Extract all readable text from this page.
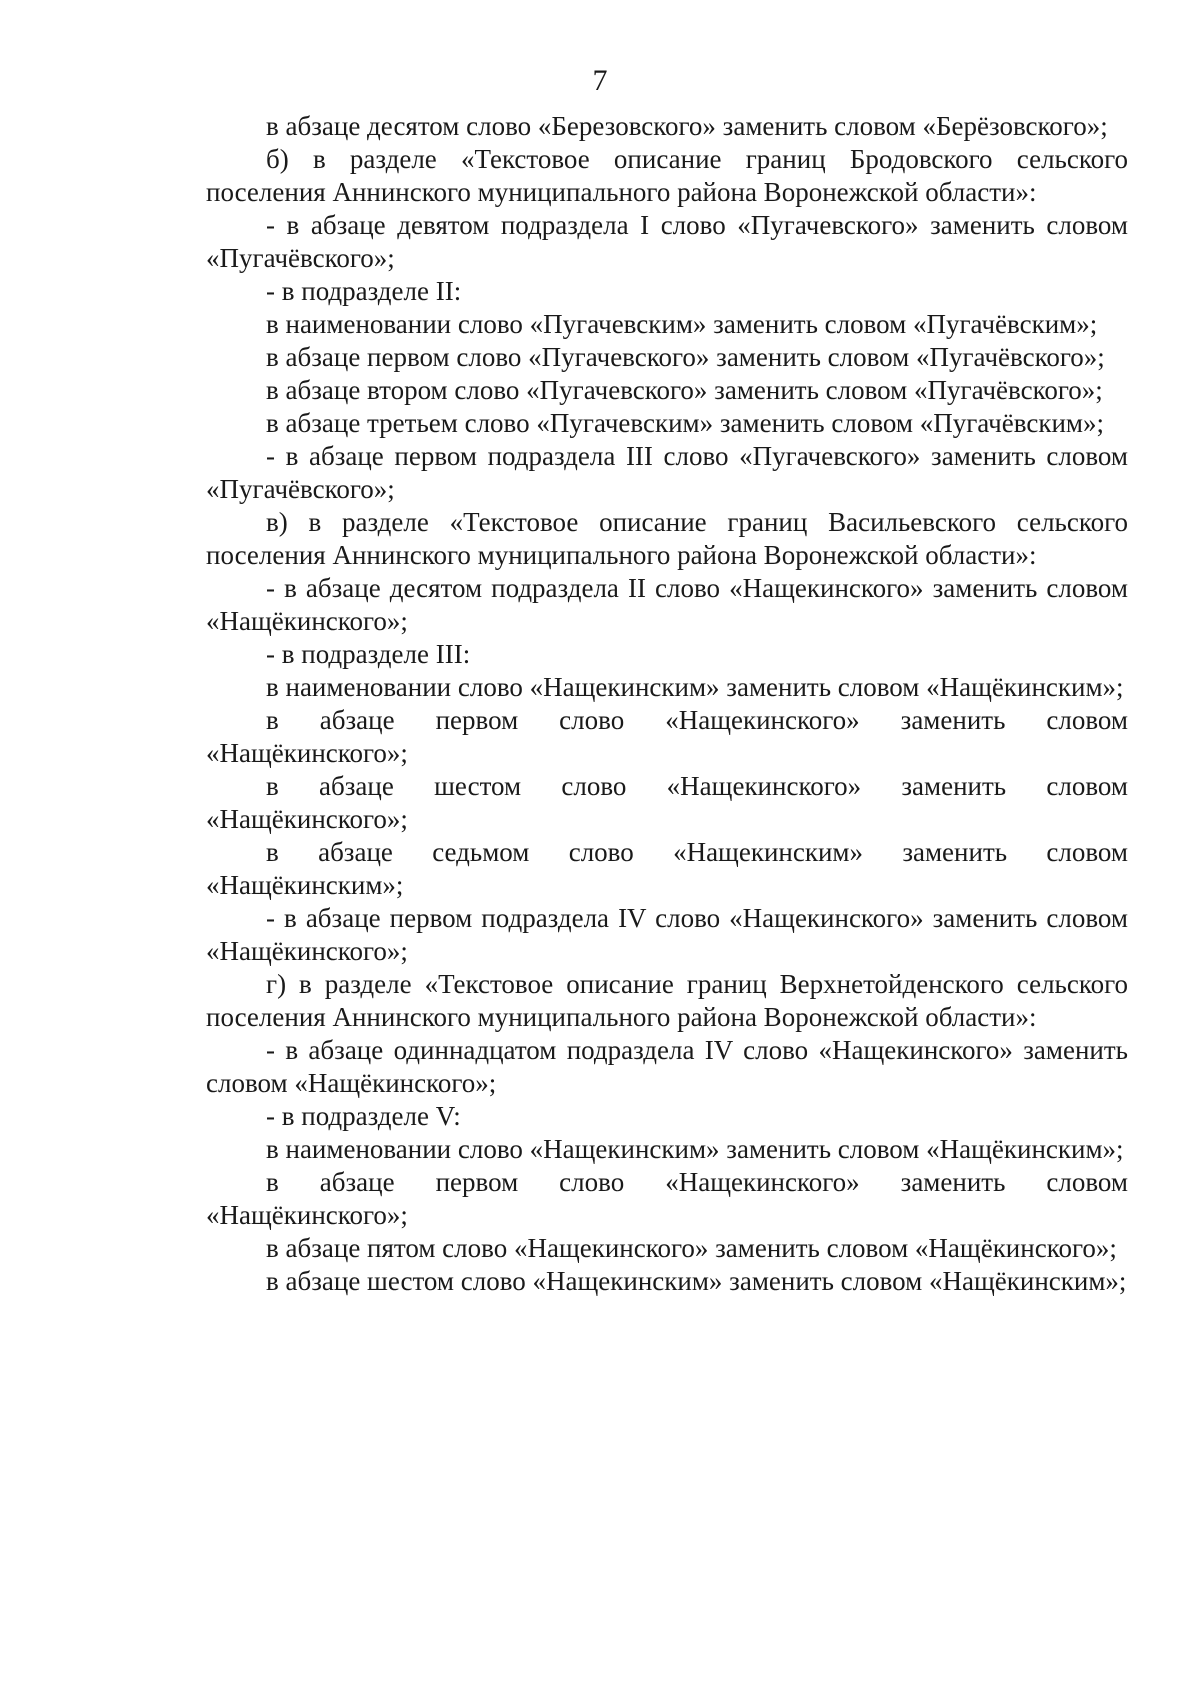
7

в абзаце десятом слово «Березовского» заменить словом «Берёзовского»;

б) в разделе «Текстовое описание границ Бродовского сельского поселения Аннинского муниципального района Воронежской области»:

- в абзаце девятом подраздела I слово «Пугачевского» заменить словом «Пугачёвского»;

- в подразделе II:

в наименовании слово «Пугачевским» заменить словом «Пугачёвским»;

в абзаце первом слово «Пугачевского» заменить словом «Пугачёвского»;

в абзаце втором слово «Пугачевского» заменить словом «Пугачёвского»;

в абзаце третьем слово «Пугачевским» заменить словом «Пугачёвским»;

- в абзаце первом подраздела III слово «Пугачевского» заменить словом «Пугачёвского»;

в) в разделе «Текстовое описание границ Васильевского сельского поселения Аннинского муниципального района Воронежской области»:

- в абзаце десятом подраздела II слово «Нащекинского» заменить словом «Нащёкинского»;

- в подразделе III:

в наименовании слово «Нащекинским» заменить словом «Нащёкинским»;

в абзаце первом слово «Нащекинского» заменить словом «Нащёкинского»;

в абзаце шестом слово «Нащекинского» заменить словом «Нащёкинского»;

в абзаце седьмом слово «Нащекинским» заменить словом «Нащёкинским»;

- в абзаце первом подраздела IV слово «Нащекинского» заменить словом «Нащёкинского»;

г) в разделе «Текстовое описание границ Верхнетойденского сельского поселения Аннинского муниципального района Воронежской области»:

- в абзаце одиннадцатом подраздела IV слово «Нащекинского» заменить словом «Нащёкинского»;

- в подразделе V:

в наименовании слово «Нащекинским» заменить словом «Нащёкинским»;

в абзаце первом слово «Нащекинского» заменить словом «Нащёкинского»;

в абзаце пятом слово «Нащекинского» заменить словом «Нащёкинского»;

в абзаце шестом слово «Нащекинским» заменить словом «Нащёкинским»;
